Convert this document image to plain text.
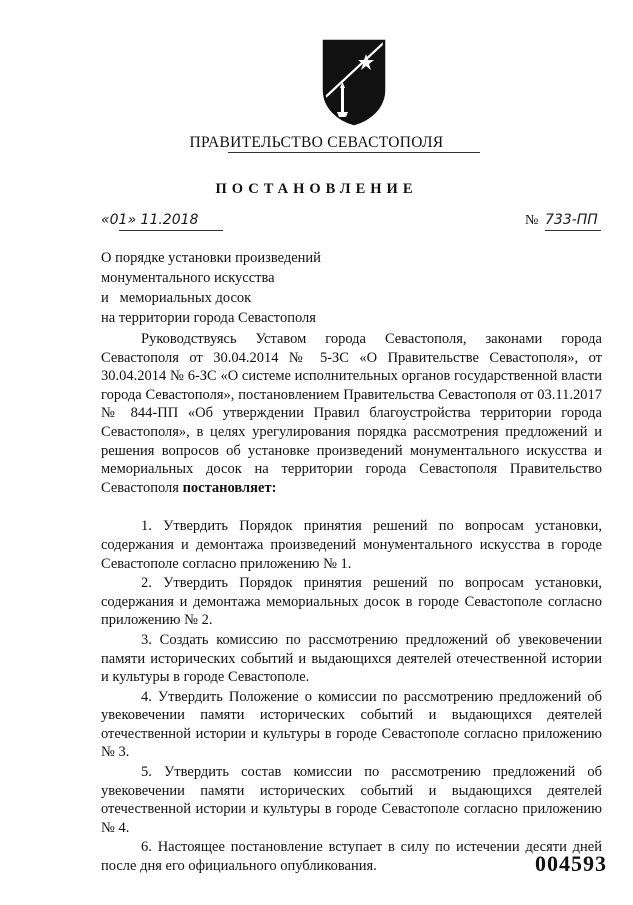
ПРАВИТЕЛЬСТВО СЕВАСТОПОЛЯ
ПОСТАНОВЛЕНИЕ
«01» 11.2018	№ 733-ПП
О порядке установки произведений
монументального искусства
и   мемориальных досок
на территории города Севастополя

Руководствуясь Уставом города Севастополя, законами города Севастополя от 30.04.2014 № 5-ЗС «О Правительстве Севастополя», от 30.04.2014 № 6-ЗС «О системе исполнительных органов государственной власти города Севастополя», постановлением Правительства Севастополя от 03.11.2017 № 844-ПП «Об утверждении Правил благоустройства территории города Севастополя», в целях урегулирования порядка рассмотрения предложений и решения вопросов об установке произведений монументального искусства и мемориальных досок на территории города Севастополя Правительство Севастополя постановляет:

1. Утвердить Порядок принятия решений по вопросам установки, содержания и демонтажа произведений монументального искусства в городе Севастополе согласно приложению № 1.

2. Утвердить Порядок принятия решений по вопросам установки, содержания и демонтажа мемориальных досок в городе Севастополе согласно приложению № 2.

3. Создать комиссию по рассмотрению предложений об увековечении памяти исторических событий и выдающихся деятелей отечественной истории и культуры в городе Севастополе.

4. Утвердить Положение о комиссии по рассмотрению предложений об увековечении памяти исторических событий и выдающихся деятелей отечественной истории и культуры в городе Севастополе согласно приложению № 3.

5. Утвердить состав комиссии по рассмотрению предложений об увековечении памяти исторических событий и выдающихся деятелей отечественной истории и культуры в городе Севастополе согласно приложению № 4.

6. Настоящее постановление вступает в силу по истечении десяти дней после дня его официального опубликования.	004593
